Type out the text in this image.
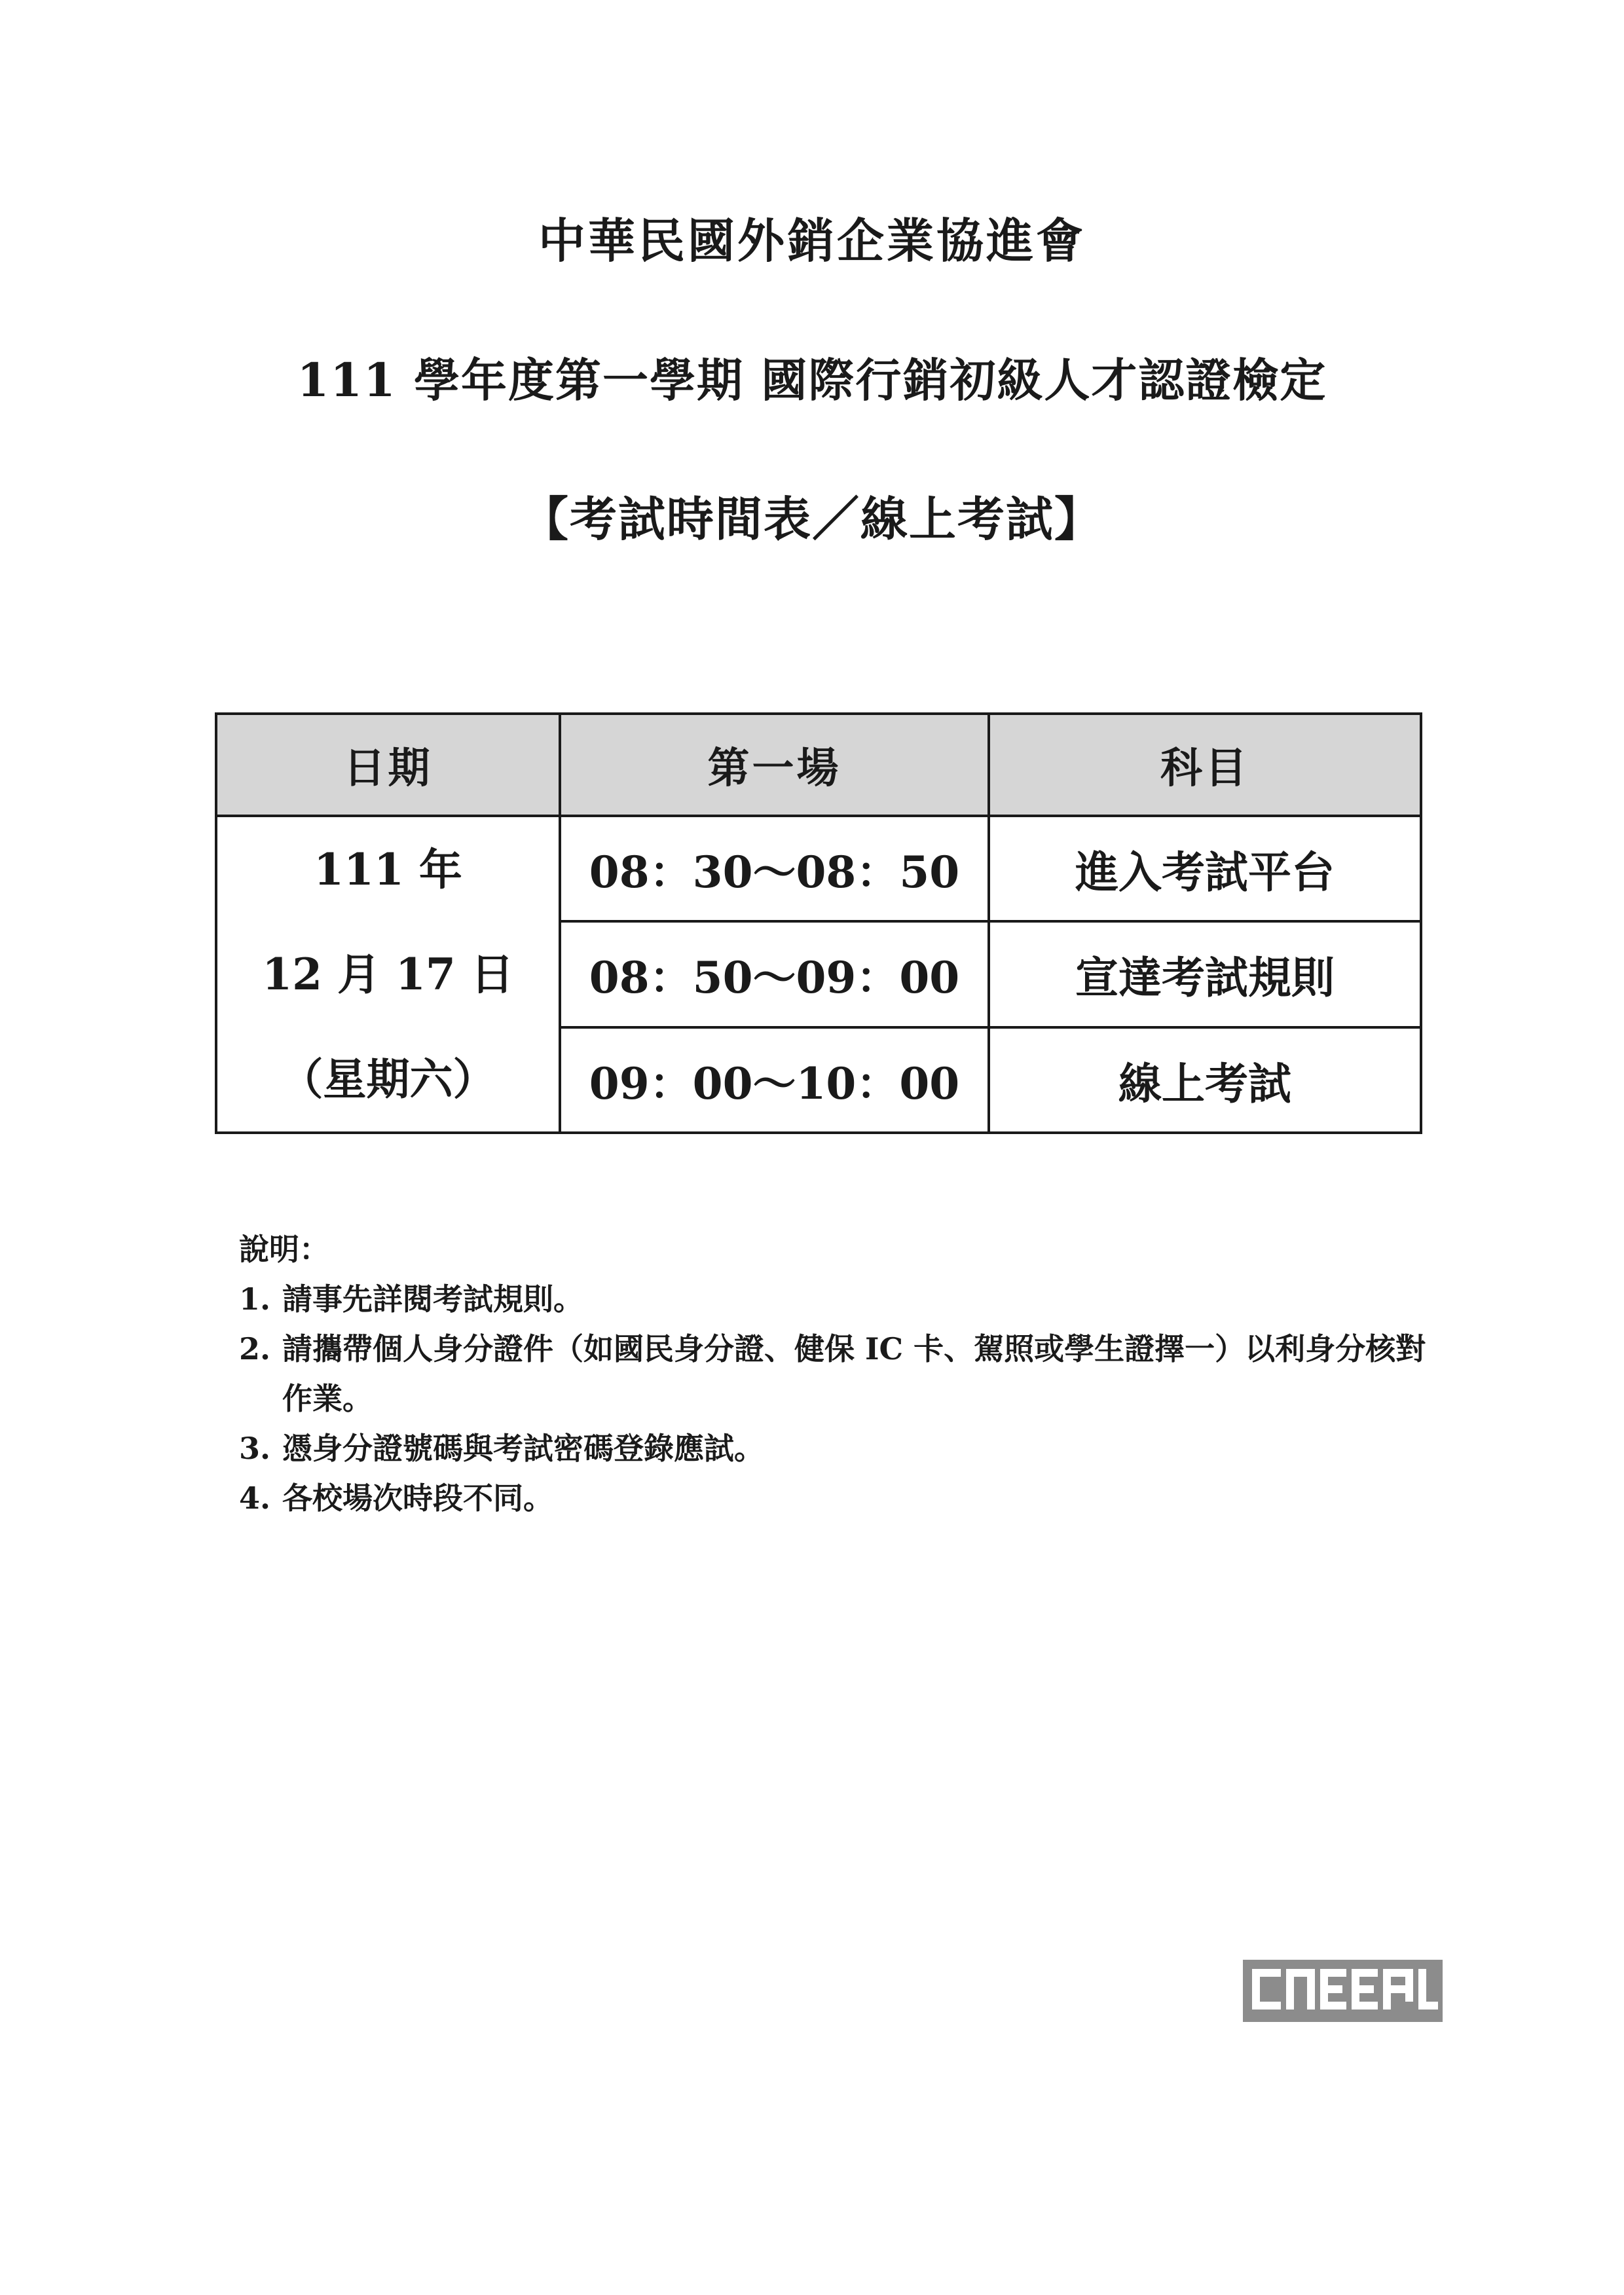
中華民國外銷企業協進會
111 學年度第一學期 國際行銷初級人才認證檢定
【考試時間表／線上考試】
日期	第一場	科目

111 年
12 月 17 日
（星期六）	08：30～08：50	進入考試平台
	08：50～09：00	宣達考試規則
	09：00～10：00	線上考試
說明：
1. 請事先詳閱考試規則。
2. 請攜帶個人身分證件（如國民身分證、健保 IC 卡、駕照或學生證擇一）以利身分核對作業。
3. 憑身分證號碼與考試密碼登錄應試。
4. 各校場次時段不同。
